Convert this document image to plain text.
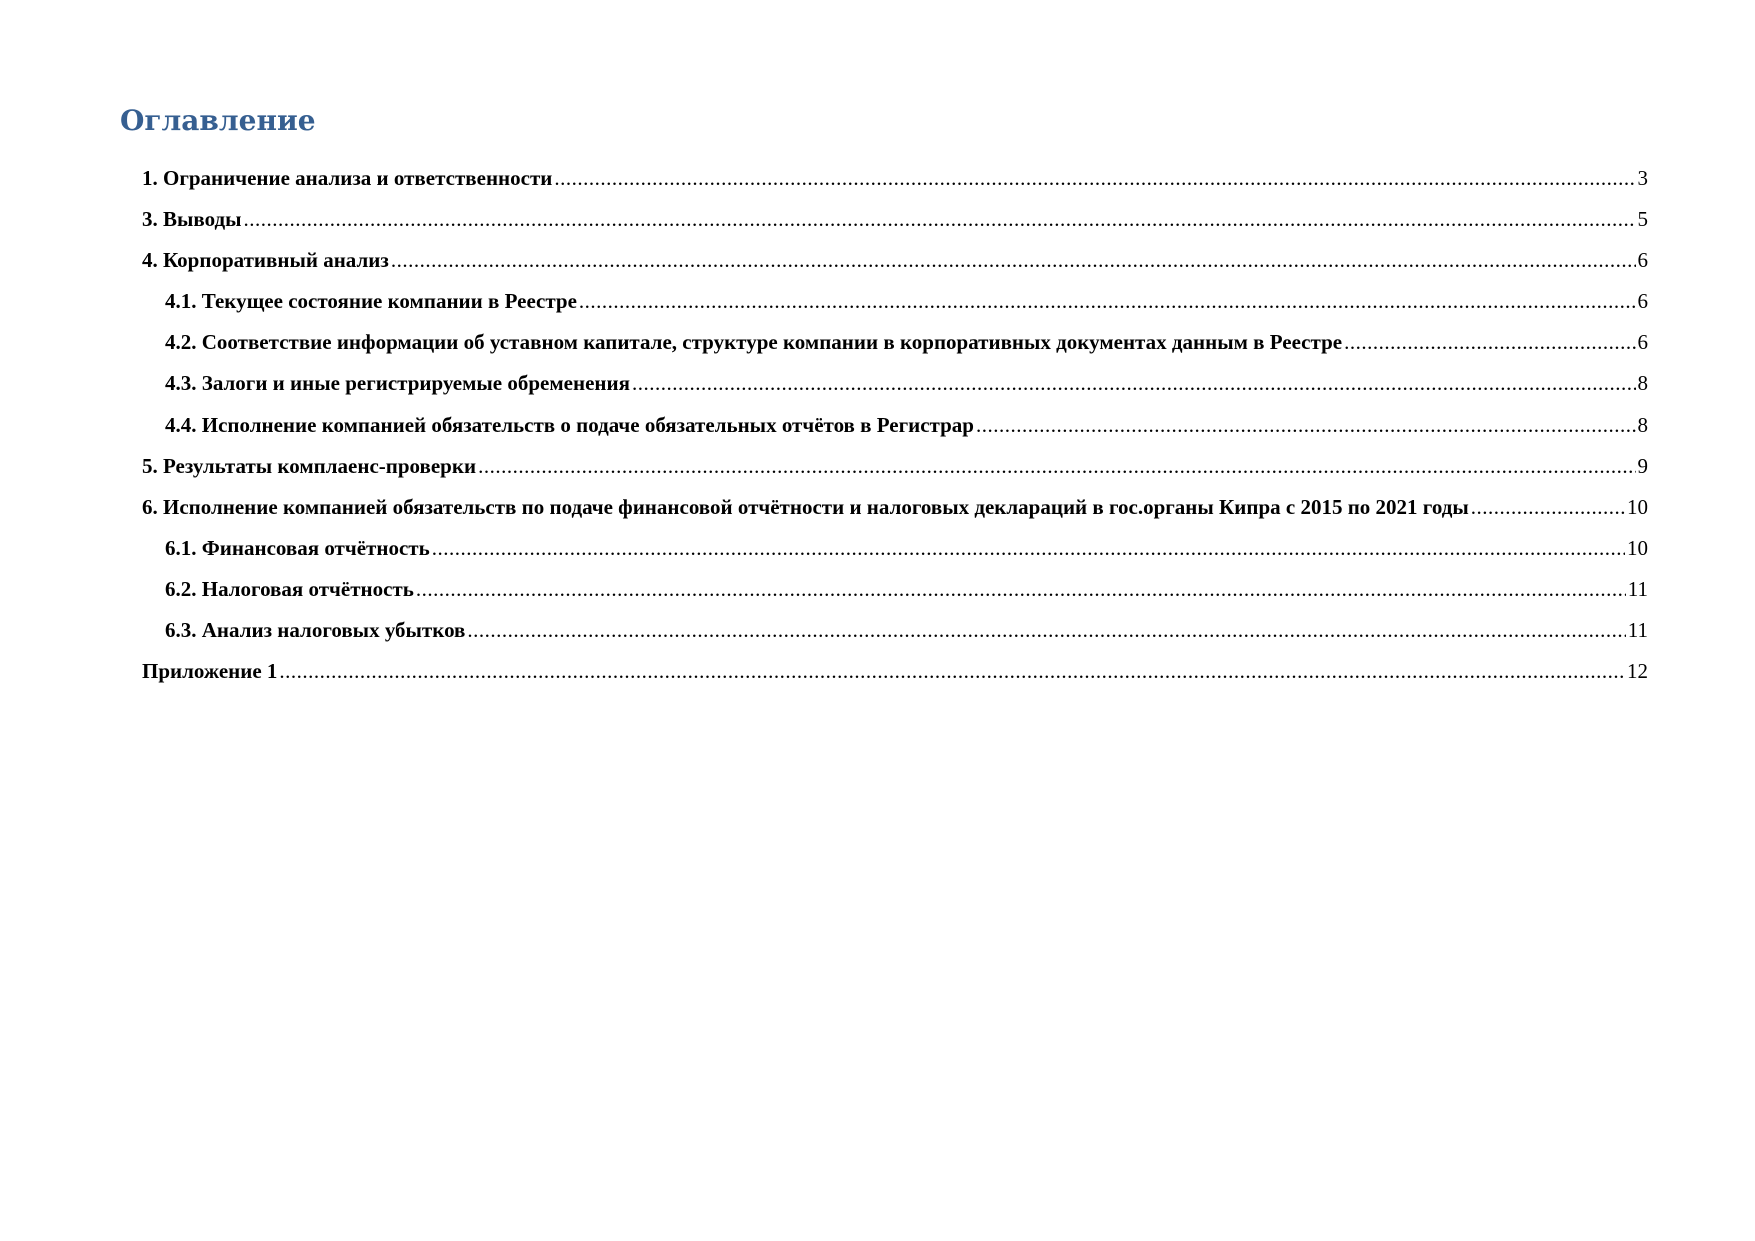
Оглавление
1. Ограничение анализа и ответственности .....	3
3. Выводы .....	5
4. Корпоративный анализ .....	6
4.1. Текущее состояние компании в Реестре .....	6
4.2. Соответствие информации об уставном капитале, структуре компании в корпоративных документах данным в Реестре .....	6
4.3. Залоги и иные регистрируемые обременения .....	8
4.4. Исполнение компанией обязательств о подаче обязательных отчётов в Регистрар .....	8
5. Результаты комплаенс-проверки .....	9
6. Исполнение компанией обязательств по подаче финансовой отчётности и налоговых деклараций в гос.органы Кипра с 2015 по 2021 годы .....	10
6.1. Финансовая отчётность .....	10
6.2. Налоговая отчётность .....	11
6.3. Анализ налоговых убытков .....	11
Приложение 1 .....	12
